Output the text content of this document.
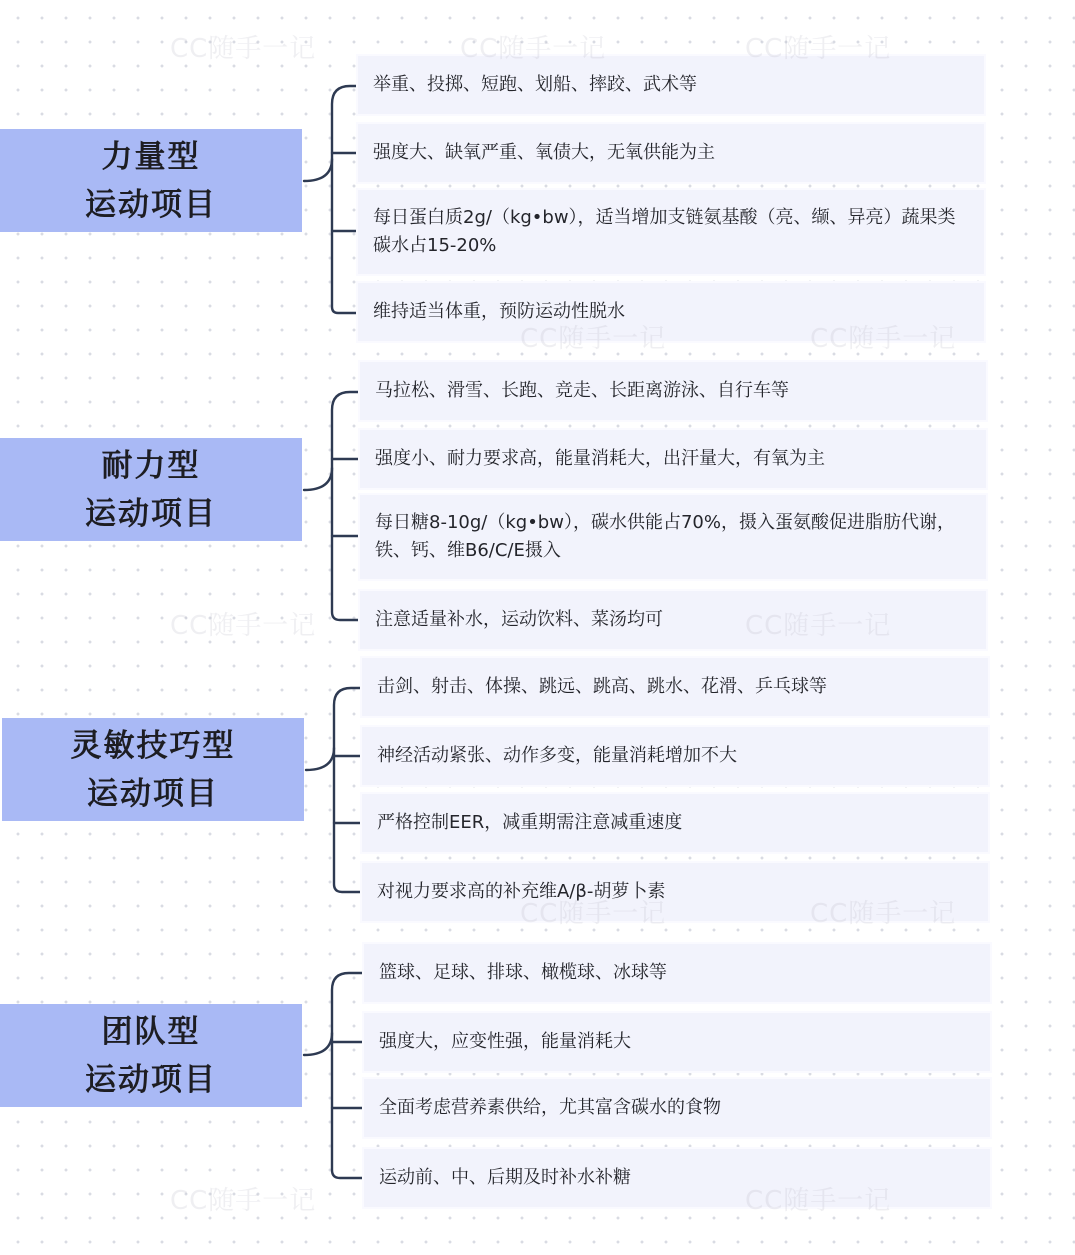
力量型
运动项目
举重、投掷、短跑、划船、摔跤、武术等
强度大、缺氧严重、氧债大，无氧供能为主
每日蛋白质2g/（kg•bw），适当增加支链氨基酸（亮、缬、异亮）蔬果类碳水占15-20%
维持适当体重，预防运动性脱水
耐力型
运动项目
马拉松、滑雪、长跑、竞走、长距离游泳、自行车等
强度小、耐力要求高，能量消耗大，出汗量大，有氧为主
每日糖8-10g/（kg•bw），碳水供能占70%，摄入蛋氨酸促进脂肪代谢，铁、钙、维B6/C/E摄入
注意适量补水，运动饮料、菜汤均可
灵敏技巧型
运动项目
击剑、射击、体操、跳远、跳高、跳水、花滑、乒乓球等
神经活动紧张、动作多变，能量消耗增加不大
严格控制EER，减重期需注意减重速度
对视力要求高的补充维A/β-胡萝卜素
团队型
运动项目
篮球、足球、排球、橄榄球、冰球等
强度大，应变性强，能量消耗大
全面考虑营养素供给，尤其富含碳水的食物
运动前、中、后期及时补水补糖
CC随手一记	CC随手一记	CC随手一记
CC随手一记	CC随手一记
CC随手一记	CC随手一记
CC随手一记	CC随手一记
CC随手一记	CC随手一记
